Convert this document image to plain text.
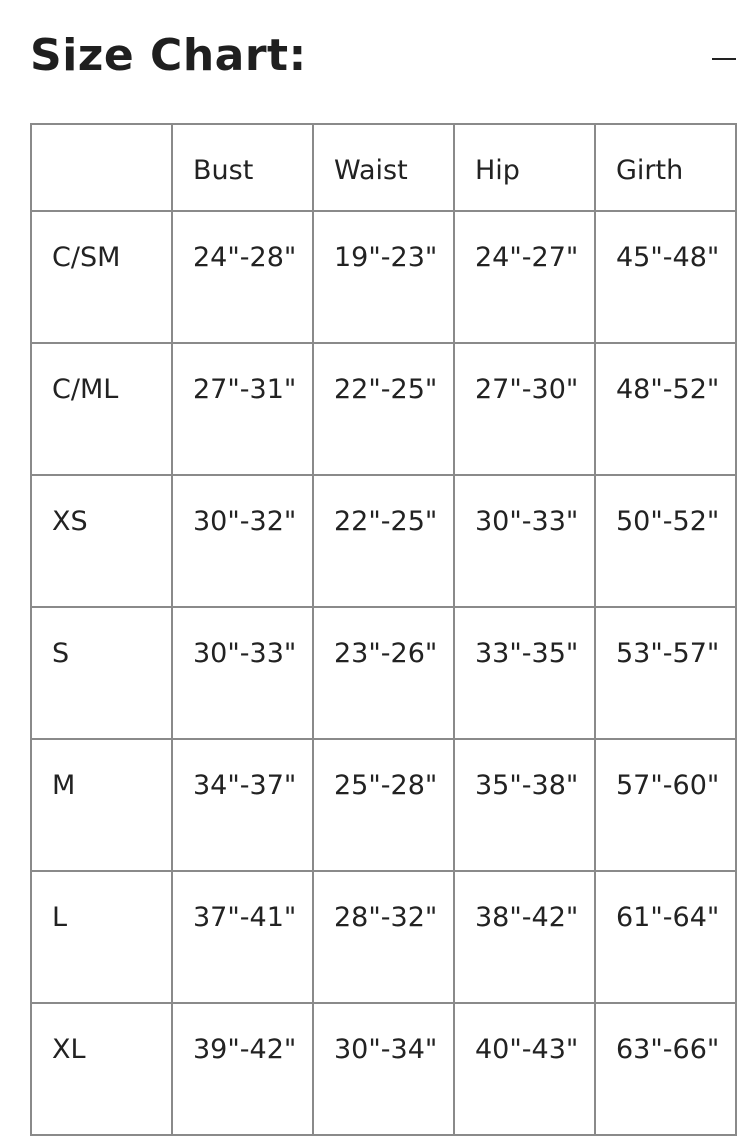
Size Chart:

	Bust	Waist	Hip	Girth

C/SM	24"-28"	19"-23"	24"-27"	45"-48"

C/ML	27"-31"	22"-25"	27"-30"	48"-52"

XS	30"-32"	22"-25"	30"-33"	50"-52"

S	30"-33"	23"-26"	33"-35"	53"-57"

M	34"-37"	25"-28"	35"-38"	57"-60"

L	37"-41"	28"-32"	38"-42"	61"-64"

XL	39"-42"	30"-34"	40"-43"	63"-66"
